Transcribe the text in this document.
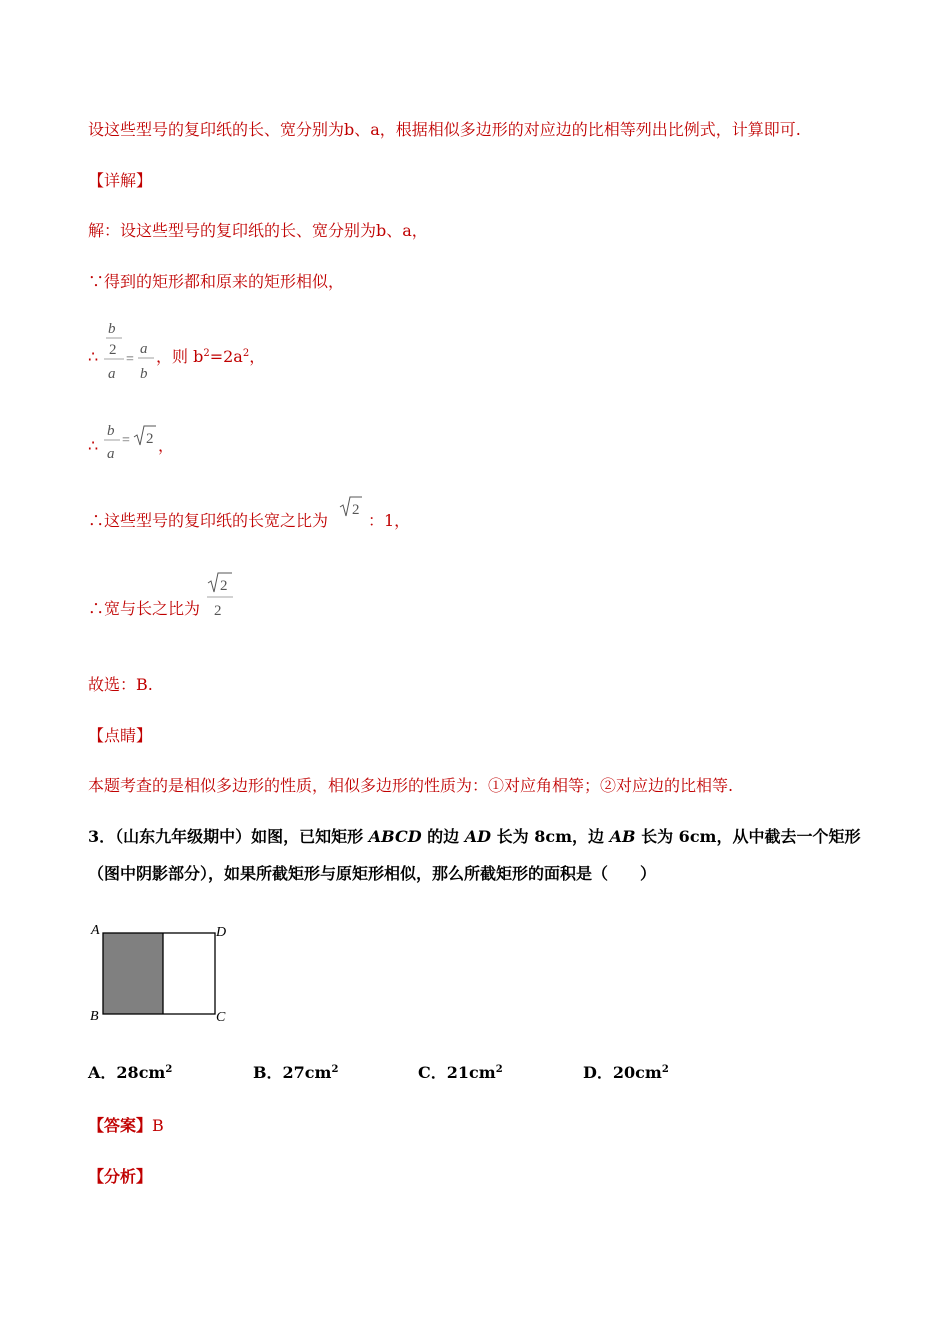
设这些型号的复印纸的长、宽分别为b、a，根据相似多边形的对应边的比相等列出比例式，计算即可.
【详解】
解：设这些型号的复印纸的长、宽分别为b、a，
∵得到的矩形都和原来的矩形相似，
∴
b
2
a
=
a
b
，则 $b^2=2a^2$，
∴
b
a
= 2 ，
∴这些型号的复印纸的长宽之比为
2
：1，
∴宽与长之比为
2
2
故选：B.
【点睛】
本题考查的是相似多边形的性质，相似多边形的性质为：①对应角相等；②对应边的比相等.
3．（山东九年级期中）如图，已知矩形 ABCD 的边 AD 长为 8cm，边 AB 长为 6cm，从中截去一个矩形
（图中阴影部分），如果所截矩形与原矩形相似，那么所截矩形的面积是（　　）
A	D
B	C
A．$28cm^2$	B．$27cm^2$	C．$21cm^2$	D．$20cm^2$
【答案】B
【分析】
